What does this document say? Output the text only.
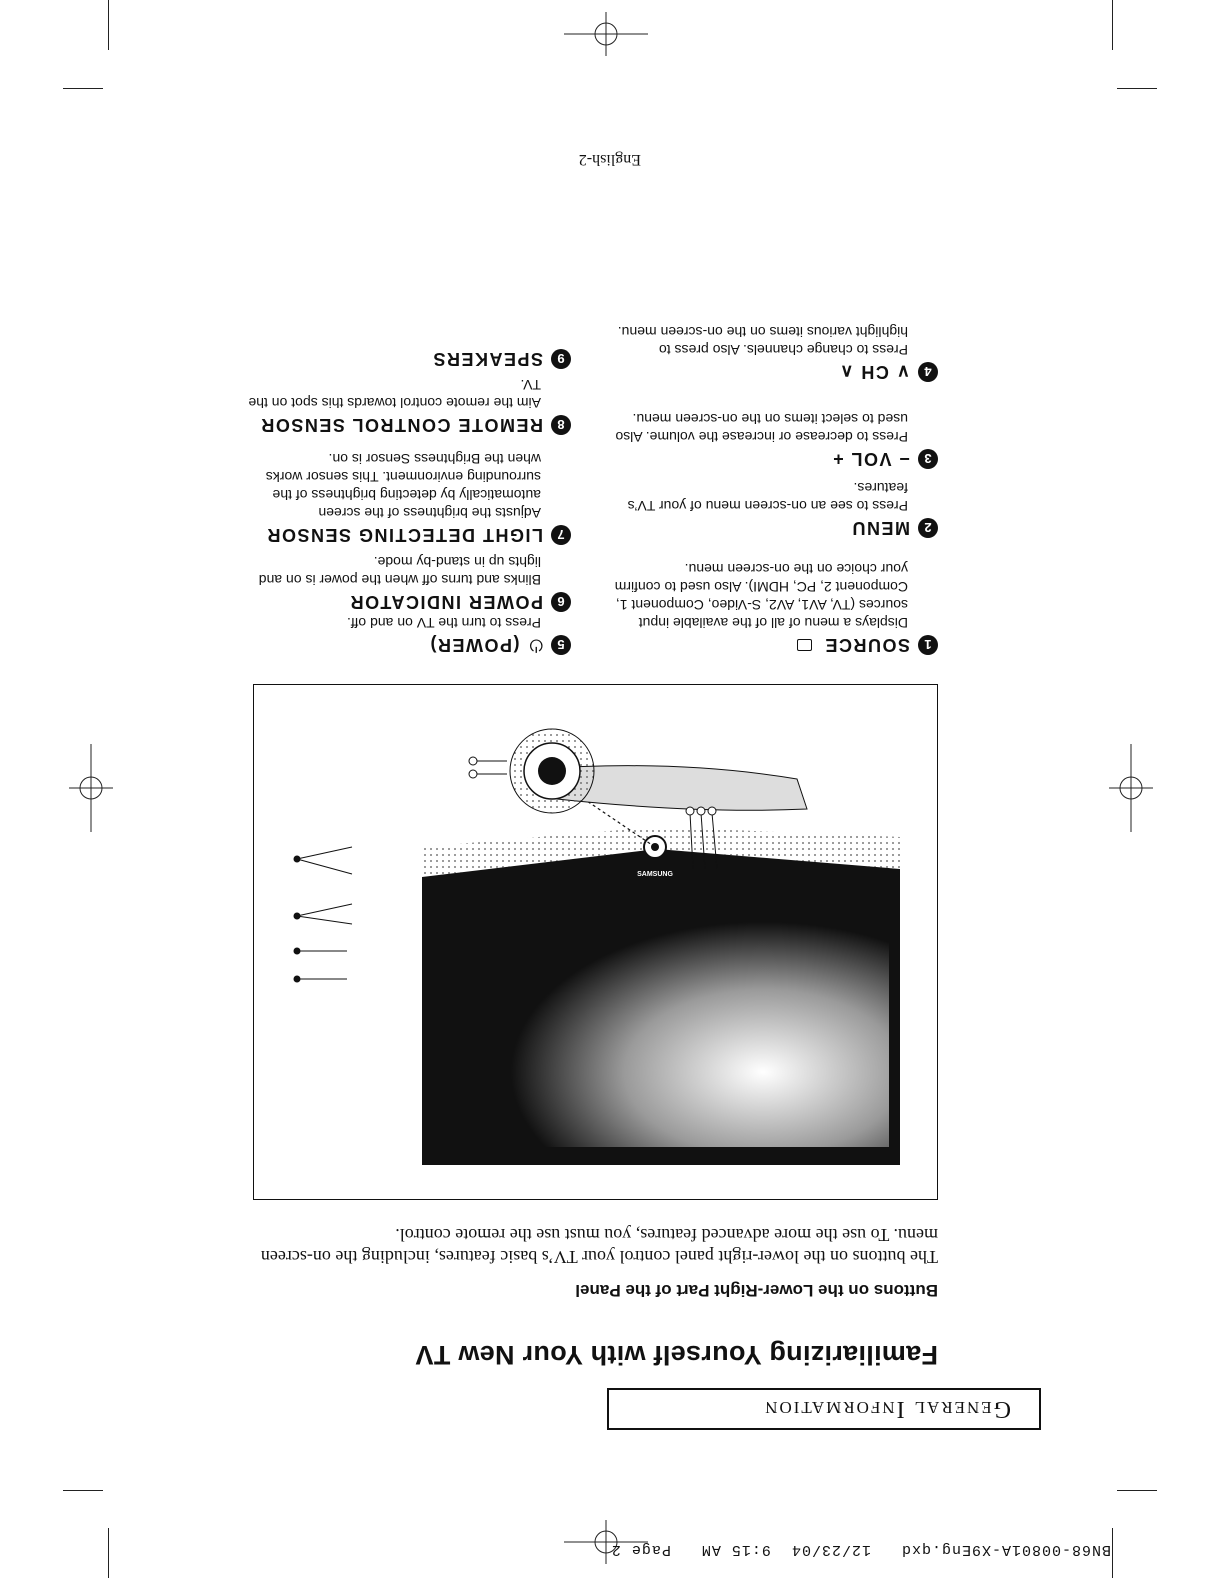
BN68-00801A-X9Eng.qxd   12/23/04  9:15 AM   Page 2
General Information
Familiarizing Yourself with Your New TV
Buttons on the Lower-Right Part of the Panel
The buttons on the lower-right panel control your TV’s basic features, including the on-screen menu. To use the more advanced features, you must use the remote control.
SAMSUNG
1
SOURCE
Displays a menu of all of the available input sources (TV, AV1, AV2, S-Video, Component 1, Component 2, PC, HDMI). Also used to confirm your choice on the on-screen menu.
2
MENU
Press to see an on-screen menu of your TV’s features.
3
− VOL +
Press to decrease or increase the volume. Also used to select items on the on-screen menu.
4
∨ CH ∧
Press to change channels. Also press to highlight various items on the on-screen menu.
5
⏻
(POWER)
Press to turn the TV on and off.
6
POWER INDICATOR
Blinks and turns off when the power is on and lights up in stand-by mode.
7
LIGHT DETECTING SENSOR
Adjusts the brightness of the screen automatically by detecting brightness of the surrounding environment. This sensor works when the Brightness Sensor is on.
8
REMOTE CONTROL SENSOR
Aim the remote control towards this spot on the TV.
9
SPEAKERS
English-2
